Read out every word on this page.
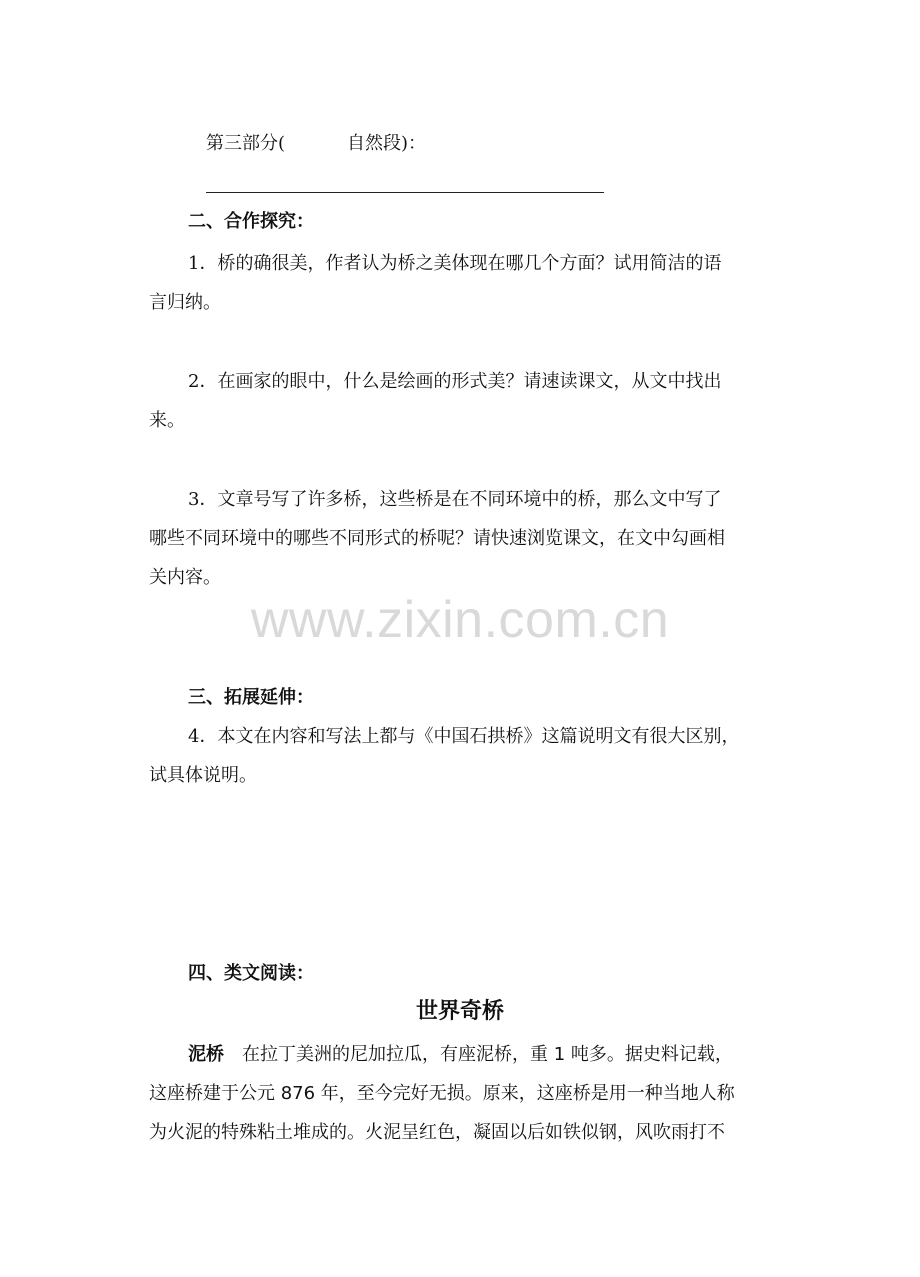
第三部分(	自然段)：
二、合作探究：
1．桥的确很美，作者认为桥之美体现在哪几个方面？试用简洁的语
言归纳。
2．在画家的眼中，什么是绘画的形式美？请速读课文，从文中找出
来。
3．文章号写了许多桥，这些桥是在不同环境中的桥，那么文中写了
哪些不同环境中的哪些不同形式的桥呢？请快速浏览课文，在文中勾画相
关内容。
www.zixin.com.cn
三、拓展延伸：
4．本文在内容和写法上都与《中国石拱桥》这篇说明文有很大区别，
试具体说明。
四、类文阅读：
世界奇桥
泥桥 在拉丁美洲的尼加拉瓜，有座泥桥，重 1 吨多。据史料记载，
这座桥建于公元 876 年，至今完好无损。原来，这座桥是用一种当地人称
为火泥的特殊粘土堆成的。火泥呈红色，凝固以后如铁似钢，风吹雨打不
